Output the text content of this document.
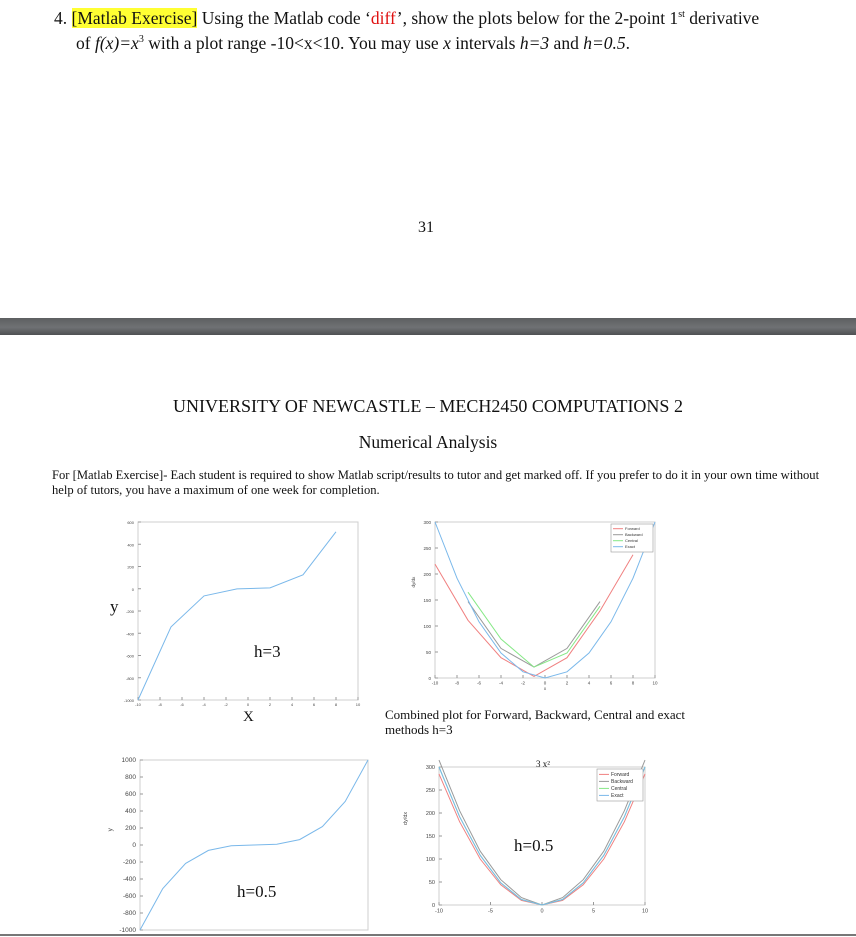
4. [Matlab Exercise] Using the Matlab code ‘diff’, show the plots below for the 2-point 1st derivative
of $f(x)=x^3$ with a plot range -10<x<10. You may use x intervals h=3 and h=0.5.
31
UNIVERSITY OF NEWCASTLE – MECH2450 COMPUTATIONS 2
Numerical Analysis
For [Matlab Exercise]- Each student is required to show Matlab script/results to tutor and get marked off. If you prefer to do it in your own time without help of tutors, you have a maximum of one week for completion.
600
400
200
0
-200
-400
-600
-800
-1000
-10	-8	-6	-4	-2	0	2	4	6	8	10
X
y
h=3
300
250
200
150
100
50
0
-10	-8	-6	-4	-2	0	2	4	6	8	10
dy/dx
x
Forward
Backward
Central
Exact
Combined plot for Forward, Backward, Central and exact methods h=3
1000
800
600
400
200
0
-200
-400
-600
-800
-1000
y
h=0.5
300
250
200
150
100
50
0
-10	-5	0	5	10
dy/dx
Forward
Backward
Central
Exact
3 x²
h=0.5
